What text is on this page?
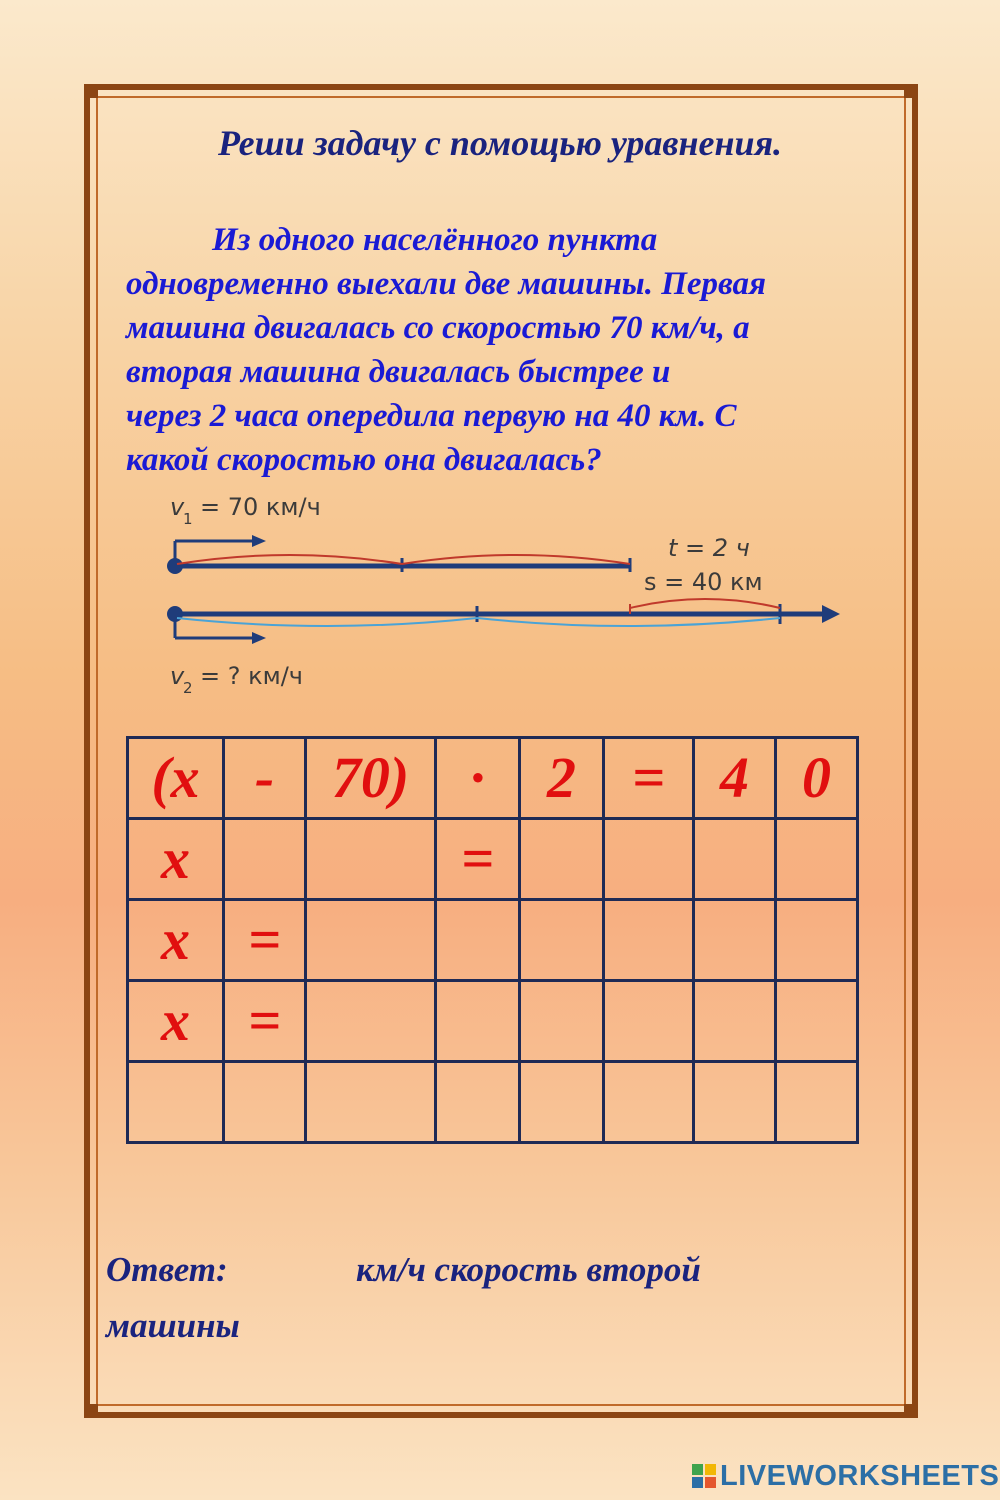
Реши задачу с помощью уравнения.
Из одного населённого пункта
одновременно выехали две машины. Первая
машина двигалась со скоростью 70 км/ч, а
вторая машина двигалась быстрее и
через 2 часа опередила первую на 40 км. С
какой скоростью она двигалась?
v
1 = 70 км/ч
t = 2 ч
s = 40 км
v
2 = ? км/ч
(x	-	70)	·	2	=	4	0
x			=				
x	=						
x	=						

Ответ:	км/ч скорость второй
машины
LIVEWORKSHEETS
